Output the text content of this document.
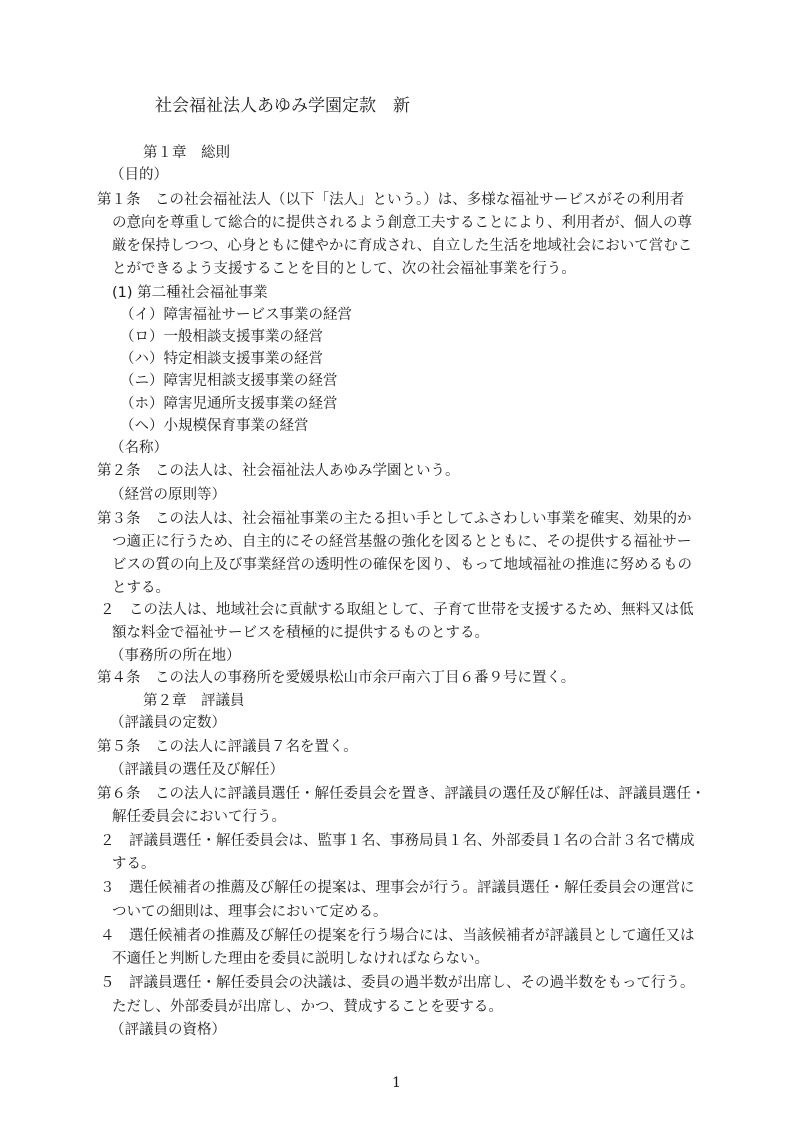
社会福祉法人あゆみ学園定款　新
第１章　総則
（目的）
第１条　この社会福祉法人（以下「法人」という。）は、多様な福祉サービスがその利用者
の意向を尊重して総合的に提供されるよう創意工夫することにより、利用者が、個人の尊
厳を保持しつつ、心身ともに健やかに育成され、自立した生活を地域社会において営むこ
とができるよう支援することを目的として、次の社会福祉事業を行う。
(1) 第二種社会福祉事業
（イ）障害福祉サービス事業の経営
（ロ）一般相談支援事業の経営
（ハ）特定相談支援事業の経営
（ニ）障害児相談支援事業の経営
（ホ）障害児通所支援事業の経営
（ヘ）小規模保育事業の経営
（名称）
第２条　この法人は、社会福祉法人あゆみ学園という。
（経営の原則等）
第３条　この法人は、社会福祉事業の主たる担い手としてふさわしい事業を確実、効果的か
つ適正に行うため、自主的にその経営基盤の強化を図るとともに、その提供する福祉サー
ビスの質の向上及び事業経営の透明性の確保を図り、もって地域福祉の推進に努めるもの
とする。
２　この法人は、地域社会に貢献する取組として、子育て世帯を支援するため、無料又は低
額な料金で福祉サービスを積極的に提供するものとする。
（事務所の所在地）
第４条　この法人の事務所を愛媛県松山市余戸南六丁目６番９号に置く。
第２章　評議員
（評議員の定数）
第５条　この法人に評議員７名を置く。
（評議員の選任及び解任）
第６条　この法人に評議員選任・解任委員会を置き、評議員の選任及び解任は、評議員選任・
解任委員会において行う。
２　評議員選任・解任委員会は、監事１名、事務局員１名、外部委員１名の合計３名で構成
する。
３　選任候補者の推薦及び解任の提案は、理事会が行う。評議員選任・解任委員会の運営に
ついての細則は、理事会において定める。
４　選任候補者の推薦及び解任の提案を行う場合には、当該候補者が評議員として適任又は
不適任と判断した理由を委員に説明しなければならない。
５　評議員選任・解任委員会の決議は、委員の過半数が出席し、その過半数をもって行う。
ただし、外部委員が出席し、かつ、賛成することを要する。
（評議員の資格）
1
